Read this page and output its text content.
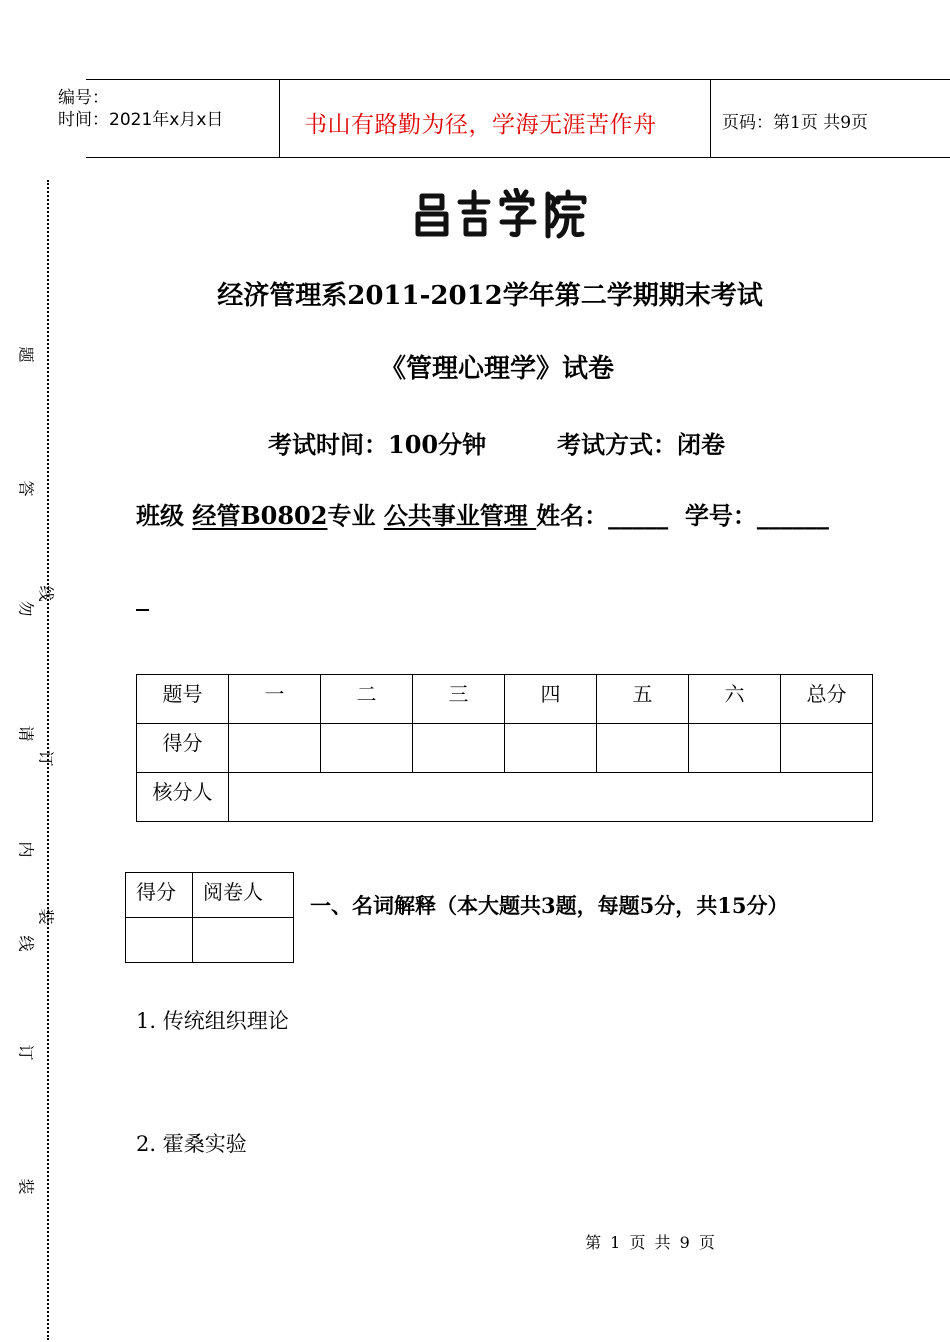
编号：
时间：2021年x月x日	书山有路勤为径，学海无涯苦作舟	页码：第1页 共9页
题
答
勿
请
内
线
订
装
线
订
装
经济管理系2011-2012学年第二学期期末考试
《管理心理学》试卷
考试时间：100分钟	考试方式：闭卷
班级 经管B0802专业 公共事业管理 姓名：_____  学号：______
题号	一	二	三	四	五	六	总分
得分							
核分人							
得分	阅卷人

一、名词解释（本大题共3题，每题5分，共15分）
1. 传统组织理论
2. 霍桑实验
第 1 页 共 9 页
